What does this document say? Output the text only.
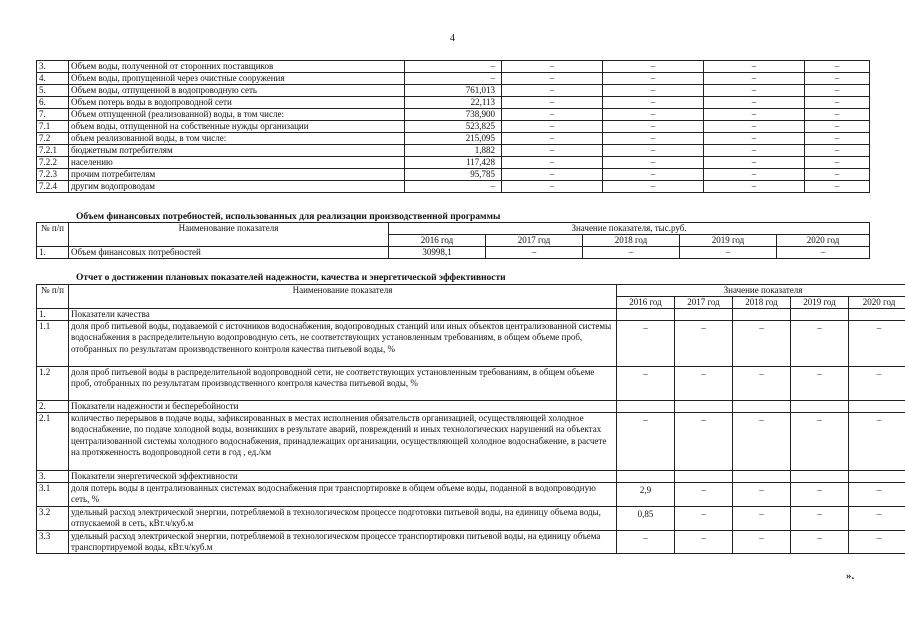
4
3.	Объем воды, полученной от сторонних поставщиков	–	–	–	–	–
4.	Объем воды, пропущенной через очистные сооружения	–	–	–	–	–
5.	Объем воды, отпущенной в водопроводную сеть	761,013	–	–	–	–
6.	Объем потерь воды в водопроводной сети	22,113	–	–	–	–
7.	Объем отпущенной (реализованной) воды, в том числе:	738,900	–	–	–	–
7.1	объем воды, отпущенной на собственные нужды организации	523,825	–	–	–	–
7.2	объем реализованной воды, в том числе:	215,095	–	–	–	–
7.2.1	бюджетным потребителям	1,882	–	–	–	–
7.2.2	населению	117,428	–	–	–	–
7.2.3	прочим потребителям	95,785	–	–	–	–
7.2.4	другим водопроводам	–	–	–	–	–
Объем финансовых потребностей, использованных для реализации производственной программы
№ п/п	Наименование показателя	Значение показателя, тыс.руб.				
		2016 год	2017 год	2018 год	2019 год	2020 год
1.	Объем финансовых потребностей	30998,1	–	–	–	–
Отчет о достижении плановых показателей надежности, качества и энергетической эффективности
№ п/п	Наименование показателя	Значение показателя				
		2016 год	2017 год	2018 год	2019 год	2020 год
1.	Показатели качества					
1.1	доля проб питьевой воды, подаваемой с источников водоснабжения, водопроводных станций или иных объектов централизованной системы водоснабжения в распределительную водопроводную сеть, не соответствующих установленным требованиям, в общем объеме проб, отобранных по результатам производственного контроля качества питьевой воды, %	–	–	–	–	–
1.2	доля проб питьевой воды в распределительной водопроводной сети, не соответствующих установленным требованиям, в общем объеме проб, отобранных по результатам производственного контроля качества питьевой воды, %	–	–	–	–	–
2.	Показатели надежности и бесперебойности					
2.1	количество перерывов в подаче воды, зафиксированных в местах исполнения обязательств организацией, осуществляющей холодное водоснабжение, по подаче холодной воды, возникших в результате аварий, повреждений и иных технологических нарушений на объектах централизованной системы холодного водоснабжения, принадлежащих организации, осуществляющей холодное водоснабжение, в расчете на протяженность водопроводной сети в год , ед./км	–	–	–	–	–
3.	Показатели энергетической эффективности					
3.1	доля потерь воды в централизованных системах водоснабжения при транспортировке в общем объеме воды, поданной в водопроводную сеть, %	2,9	–	–	–	–
3.2	удельный расход электрической энергии, потребляемой в технологическом процессе подготовки питьевой воды, на единицу объема воды, отпускаемой в сеть, кВт.ч/куб.м	0,85	–	–	–	–
3.3	удельный расход электрической энергии, потребляемой в технологическом процессе транспортировки питьевой воды, на единицу объема транспортируемой воды, кВт.ч/куб.м	–	–	–	–	–
».
